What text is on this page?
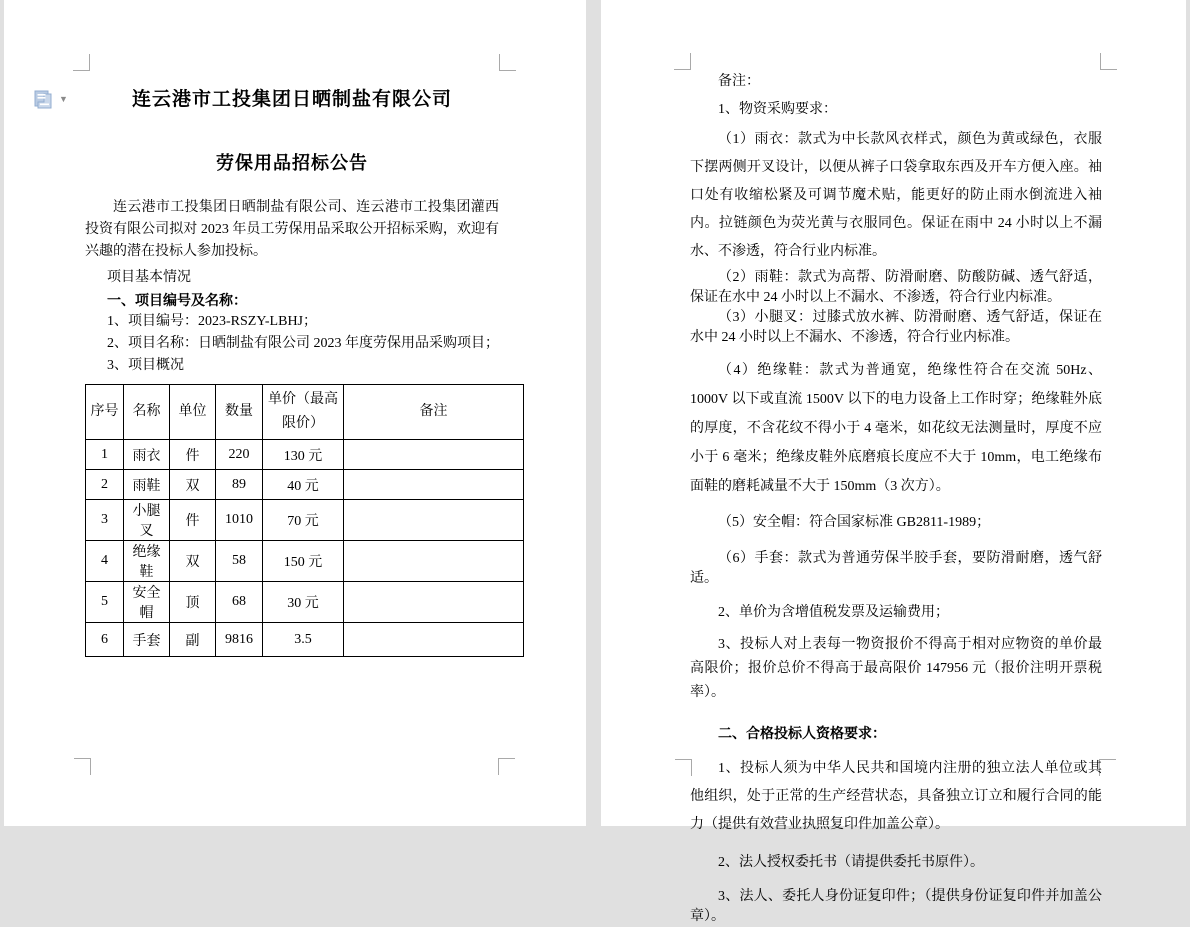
▼	连云港市工投集团日晒制盐有限公司
劳保用品招标公告

连云港市工投集团日晒制盐有限公司、连云港市工投集团灌西投资有限公司拟对 2023 年员工劳保用品采取公开招标采购，欢迎有兴趣的潜在投标人参加投标。

项目基本情况

一、项目编号及名称：

1、项目编号：2023-RSZY-LBHJ；

2、项目名称：日晒制盐有限公司 2023 年度劳保用品采购项目；

3、项目概况

序号	名称	单位	数量	单价（最高限价）	备注
1	雨衣	件	220	130 元	
2	雨鞋	双	89	40 元	
3	小腿叉	件	1010	70 元	
4	绝缘鞋	双	58	150 元	
5	安全帽	顶	68	30 元	
6	手套	副	9816	3.5	

备注：

1、物资采购要求：

（1）雨衣：款式为中长款风衣样式，颜色为黄或绿色，衣服下摆两侧开叉设计，以便从裤子口袋拿取东西及开车方便入座。袖口处有收缩松紧及可调节魔术贴，能更好的防止雨水倒流进入袖内。拉链颜色为荧光黄与衣服同色。保证在雨中 24 小时以上不漏水、不渗透，符合行业内标准。

（2）雨鞋：款式为高帮、防滑耐磨、防酸防碱、透气舒适，保证在水中 24 小时以上不漏水、不渗透，符合行业内标准。

（3）小腿叉：过膝式放水裤、防滑耐磨、透气舒适，保证在水中 24 小时以上不漏水、不渗透，符合行业内标准。

（4）绝缘鞋：款式为普通宽，绝缘性符合在交流 50Hz、1000V 以下或直流 1500V 以下的电力设备上工作时穿；绝缘鞋外底的厚度，不含花纹不得小于 4 毫米，如花纹无法测量时，厚度不应小于 6 毫米；绝缘皮鞋外底磨痕长度应不大于 10mm，电工绝缘布面鞋的磨耗减量不大于 150mm（3 次方）。

（5）安全帽：符合国家标准 GB2811-1989；

（6）手套：款式为普通劳保半胶手套，要防滑耐磨，透气舒适。

2、单价为含增值税发票及运输费用；

3、投标人对上表每一物资报价不得高于相对应物资的单价最高限价；报价总价不得高于最高限价 147956 元（报价注明开票税率）。

二、合格投标人资格要求：

1、投标人须为中华人民共和国境内注册的独立法人单位或其他组织，处于正常的生产经营状态，具备独立订立和履行合同的能力（提供有效营业执照复印件加盖公章）。

2、法人授权委托书（请提供委托书原件）。

3、法人、委托人身份证复印件；（提供身份证复印件并加盖公章）。
